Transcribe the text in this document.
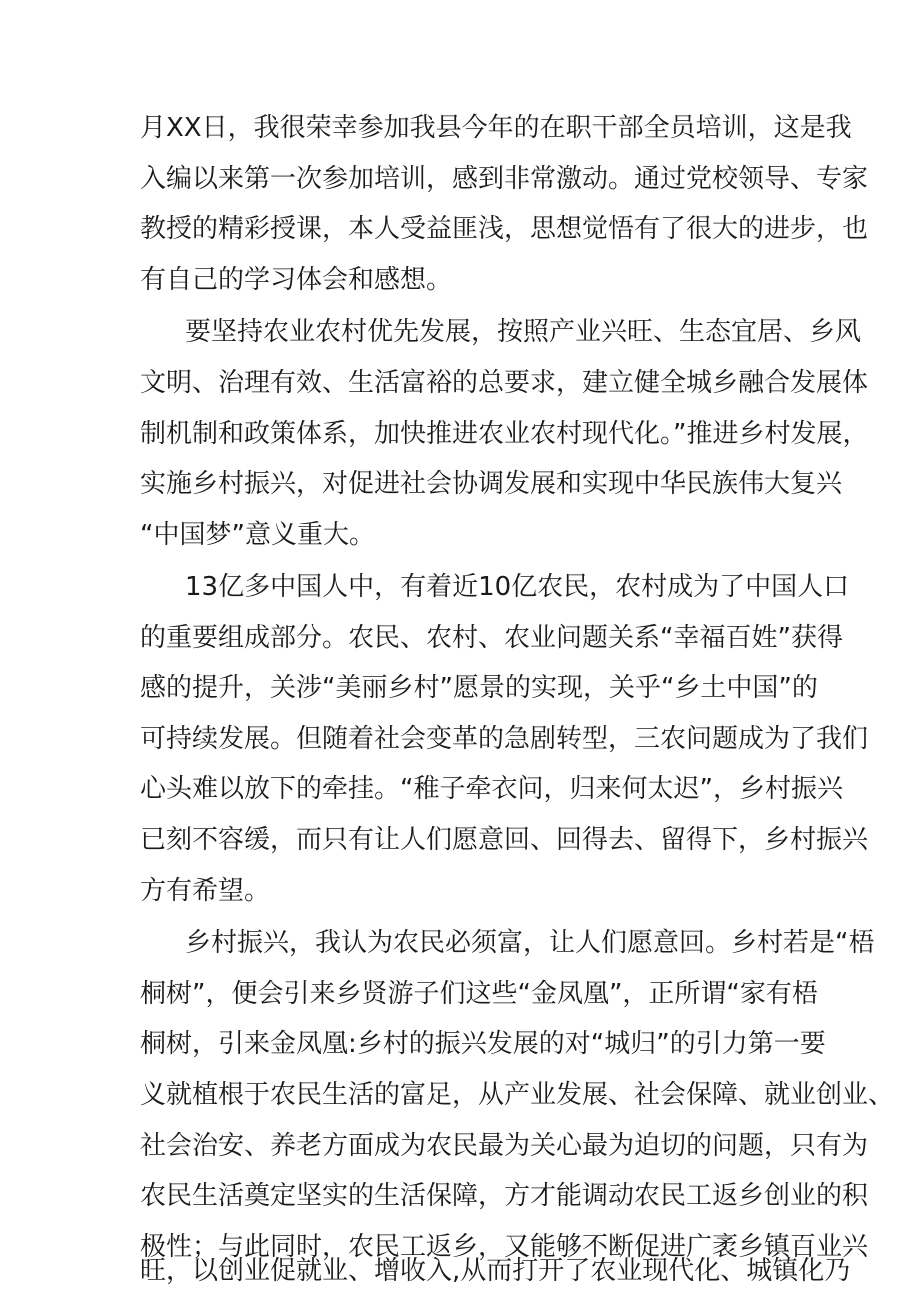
月XX日，我很荣幸参加我县今年的在职干部全员培训，这是我
入编以来第一次参加培训，感到非常激动。通过党校领导、专家
教授的精彩授课，本人受益匪浅，思想觉悟有了很大的进步，也
有自己的学习体会和感想。
要坚持农业农村优先发展，按照产业兴旺、生态宜居、乡风
文明、治理有效、生活富裕的总要求，建立健全城乡融合发展体
制机制和政策体系，加快推进农业农村现代化。”推进乡村发展，
实施乡村振兴，对促进社会协调发展和实现中华民族伟大复兴
“中国梦”意义重大。
13亿多中国人中，有着近10亿农民，农村成为了中国人口
的重要组成部分。农民、农村、农业问题关系“幸福百姓”获得
感的提升，关涉“美丽乡村”愿景的实现，关乎“乡土中国”的
可持续发展。但随着社会变革的急剧转型，三农问题成为了我们
心头难以放下的牵挂。“稚子牵衣问，归来何太迟”，乡村振兴
已刻不容缓，而只有让人们愿意回、回得去、留得下，乡村振兴
方有希望。
乡村振兴，我认为农民必须富，让人们愿意回。乡村若是“梧
桐树”，便会引来乡贤游子们这些“金凤凰”，正所谓“家有梧
桐树，引来金凤凰:乡村的振兴发展的对“城归”的引力第一要
义就植根于农民生活的富足，从产业发展、社会保障、就业创业、
社会治安、养老方面成为农民最为关心最为迫切的问题，只有为
农民生活奠定坚实的生活保障，方才能调动农民工返乡创业的积
极性；与此同时，农民工返乡，又能够不断促进广袤乡镇百业兴
旺，以创业促就业、增收入,从而打开了农业现代化、城镇化乃
